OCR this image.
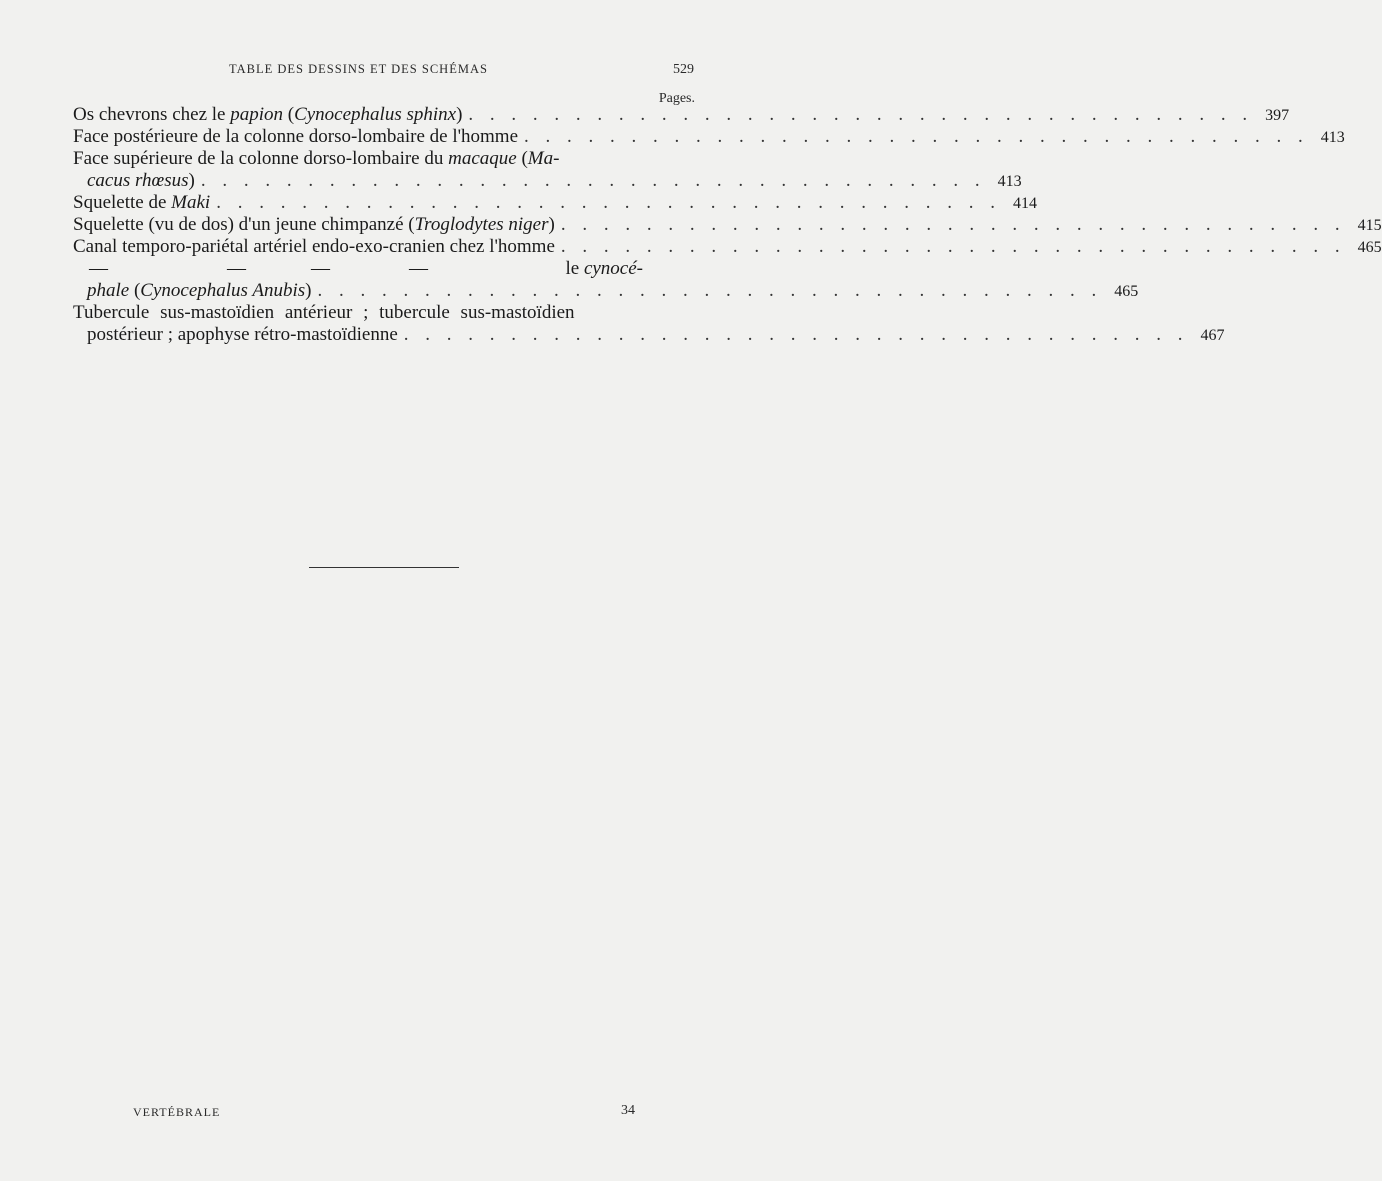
TABLE DES DESSINS ET DES SCHÉMAS	529
Pages.
Os chevrons chez le papion (Cynocephalus sphinx) . . . . . . . . . . . . . . . . . . . . . . . . . . . . . . . . . . . . . 397
Face postérieure de la colonne dorso-lombaire de l'homme . . . . . . . . . . . . . . . . . . . . . . . . . . . . . . . . . . . . . 413
Face supérieure de la colonne dorso-lombaire du macaque (Ma-
cacus rhœsus) . . . . . . . . . . . . . . . . . . . . . . . . . . . . . . . . . . . . . 413
Squelette de Maki . . . . . . . . . . . . . . . . . . . . . . . . . . . . . . . . . . . . . 414
Squelette (vu de dos) d'un jeune chimpanzé (Troglodytes niger) . . . . . . . . . . . . . . . . . . . . . . . . . . . . . . . . . . . . . 415
Canal temporo-pariétal artériel endo-exo-cranien chez l'homme . . . . . . . . . . . . . . . . . . . . . . . . . . . . . . . . . . . . . 465
—	—	—	—	le cynocé-
phale (Cynocephalus Anubis) . . . . . . . . . . . . . . . . . . . . . . . . . . . . . . . . . . . . . 465
Tubercule sus-mastoïdien antérieur ; tubercule sus-mastoïdien
postérieur ; apophyse rétro-mastoïdienne . . . . . . . . . . . . . . . . . . . . . . . . . . . . . . . . . . . . . 467
VERTÉBRALE	34
